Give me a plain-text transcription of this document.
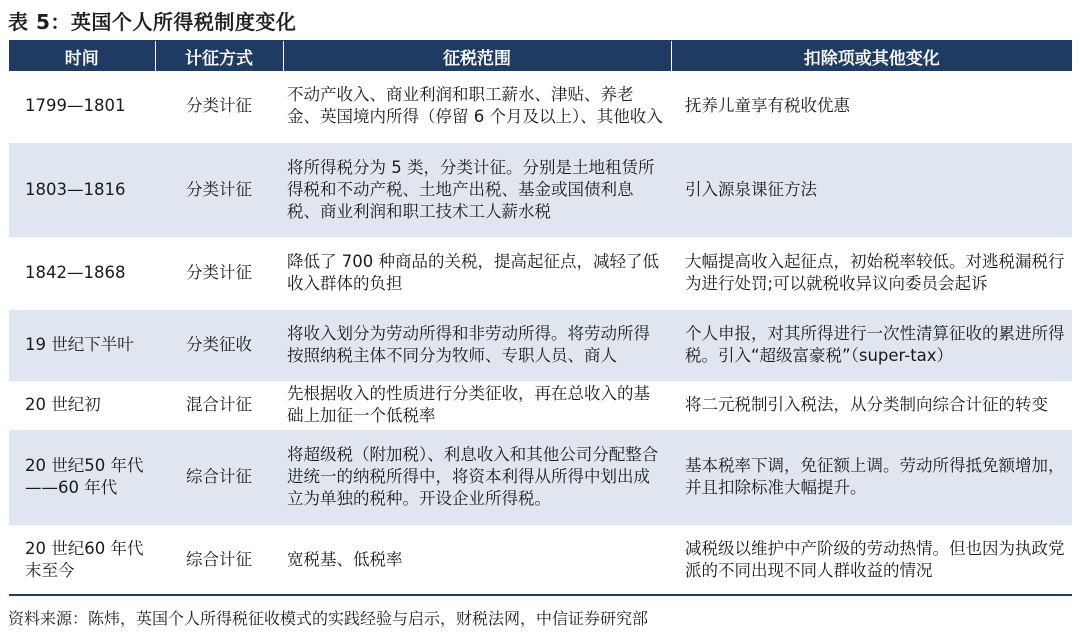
表 5：英国个人所得税制度变化
时间	计征方式	征税范围	扣除项或其他变化
1799—1801	分类计征	不动产收入、商业利润和职工薪水、津贴、养老金、英国境内所得（停留 6 个月及以上）、其他收入	抚养儿童享有税收优惠
1803—1816	分类计征	将所得税分为 5 类，分类计征。分别是土地租赁所得税和不动产税、土地产出税、基金或国债利息税、商业利润和职工技术工人薪水税	引入源泉课征方法
1842—1868	分类计征	降低了 700 种商品的关税，提高起征点，减轻了低收入群体的负担	大幅提高收入起征点，初始税率较低。对逃税漏税行为进行处罚;可以就税收异议向委员会起诉
19 世纪下半叶	分类征收	将收入划分为劳动所得和非劳动所得。将劳动所得按照纳税主体不同分为牧师、专职人员、商人	个人申报，对其所得进行一次性清算征收的累进所得税。引入“超级富豪税”（super-tax）
20 世纪初	混合计征	先根据收入的性质进行分类征收，再在总收入的基础上加征一个低税率	将二元税制引入税法，从分类制向综合计征的转变
20 世纪50 年代——60 年代	综合计征	将超级税（附加税）、利息收入和其他公司分配整合进统一的纳税所得中，将资本利得从所得中划出成立为单独的税种。开设企业所得税。	基本税率下调，免征额上调。劳动所得抵免额增加，并且扣除标准大幅提升。
20 世纪60 年代末至今	综合计征	宽税基、低税率	减税级以维护中产阶级的劳动热情。但也因为执政党派的不同出现不同人群收益的情况
资料来源：陈炜，英国个人所得税征收模式的实践经验与启示，财税法网，中信证券研究部
